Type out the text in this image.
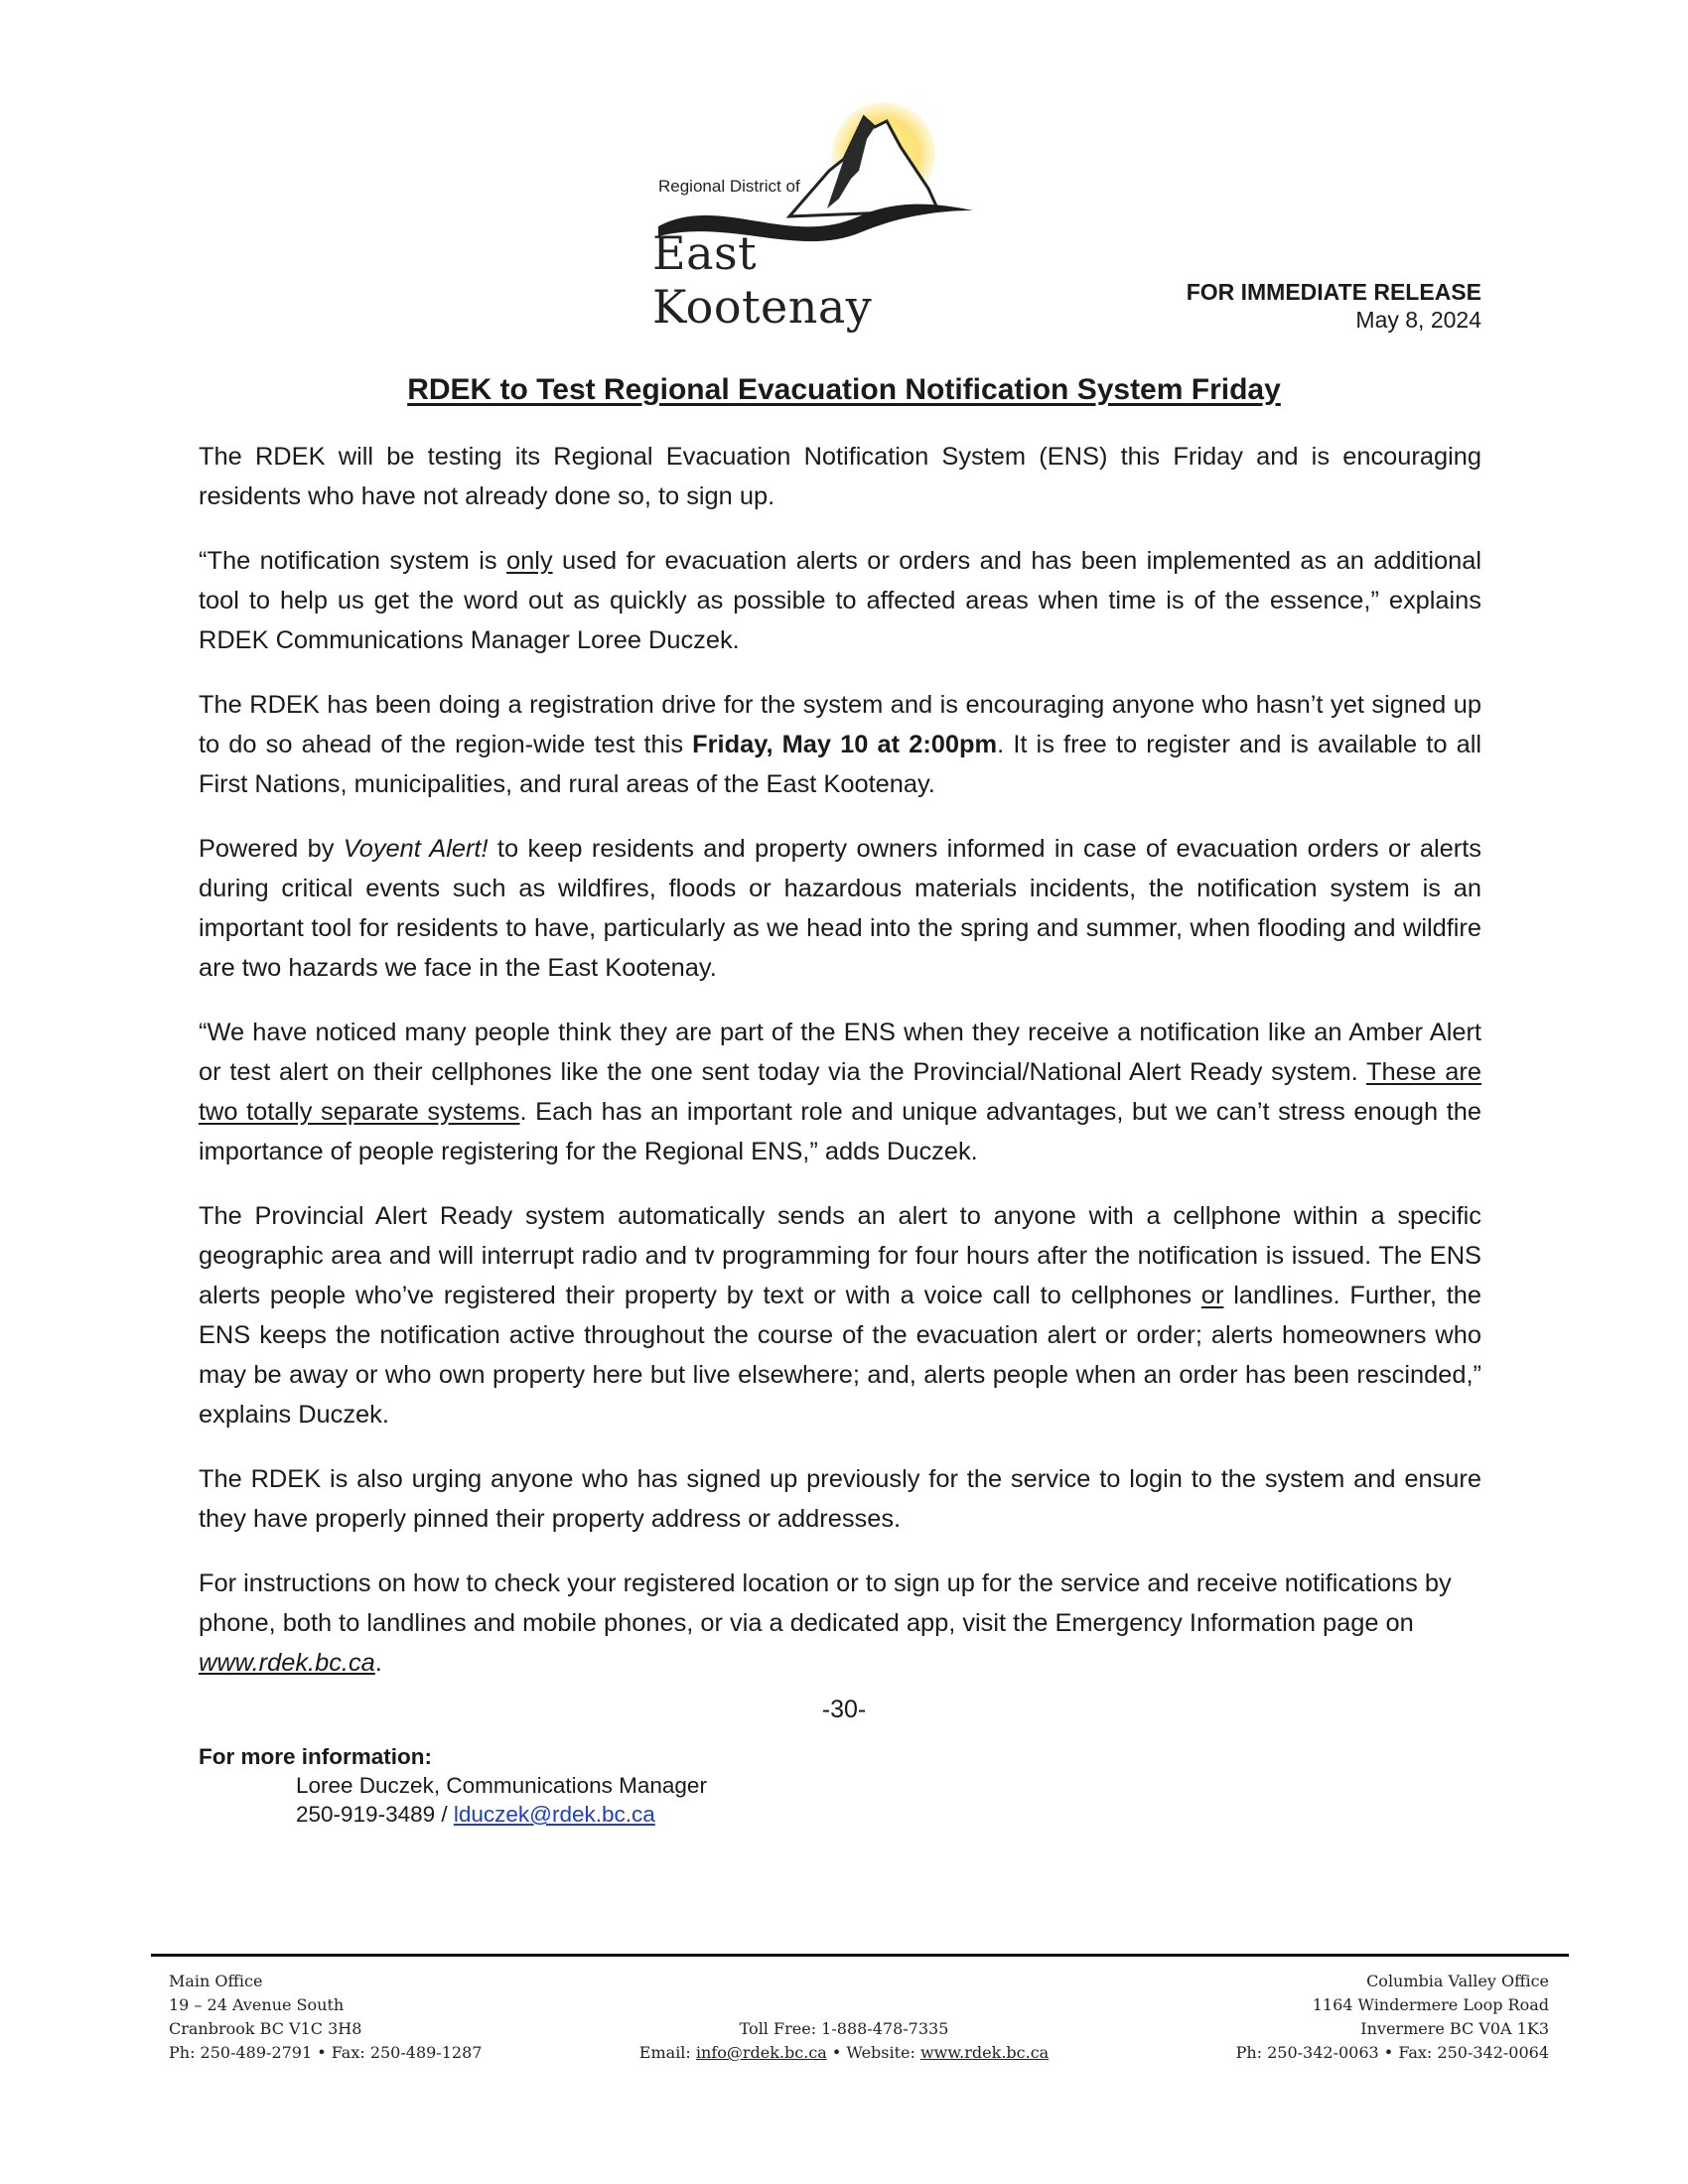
Regional District of
East Kootenay	FOR IMMEDIATE RELEASE
May 8, 2024
RDEK to Test Regional Evacuation Notification System Friday

The RDEK will be testing its Regional Evacuation Notification System (ENS) this Friday and is encouraging residents who have not already done so, to sign up.

“The notification system is only used for evacuation alerts or orders and has been implemented as an additional tool to help us get the word out as quickly as possible to affected areas when time is of the essence,” explains RDEK Communications Manager Loree Duczek.

The RDEK has been doing a registration drive for the system and is encouraging anyone who hasn’t yet signed up to do so ahead of the region-wide test this Friday, May 10 at 2:00pm. It is free to register and is available to all First Nations, municipalities, and rural areas of the East Kootenay.

Powered by Voyent Alert! to keep residents and property owners informed in case of evacuation orders or alerts during critical events such as wildfires, floods or hazardous materials incidents, the notification system is an important tool for residents to have, particularly as we head into the spring and summer, when flooding and wildfire are two hazards we face in the East Kootenay.

“We have noticed many people think they are part of the ENS when they receive a notification like an Amber Alert or test alert on their cellphones like the one sent today via the Provincial/National Alert Ready system. These are two totally separate systems. Each has an important role and unique advantages, but we can’t stress enough the importance of people registering for the Regional ENS,” adds Duczek.

The Provincial Alert Ready system automatically sends an alert to anyone with a cellphone within a specific geographic area and will interrupt radio and tv programming for four hours after the notification is issued. The ENS alerts people who’ve registered their property by text or with a voice call to cellphones or landlines. Further, the ENS keeps the notification active throughout the course of the evacuation alert or order; alerts homeowners who may be away or who own property here but live elsewhere; and, alerts people when an order has been rescinded,” explains Duczek.

The RDEK is also urging anyone who has signed up previously for the service to login to the system and ensure they have properly pinned their property address or addresses.

For instructions on how to check your registered location or to sign up for the service and receive notifications by phone, both to landlines and mobile phones, or via a dedicated app, visit the Emergency Information page on www.rdek.bc.ca.

-30-
For more information:
Loree Duczek, Communications Manager
250-919-3489 / lduczek@rdek.bc.ca
Main Office
19 – 24 Avenue South
Cranbrook BC V1C 3H8
Ph: 250-489-2791 • Fax: 250-489-1287
Toll Free: 1-888-478-7335
Email: info@rdek.bc.ca • Website: www.rdek.bc.ca
Columbia Valley Office
1164 Windermere Loop Road
Invermere BC V0A 1K3
Ph: 250-342-0063 • Fax: 250-342-0064
